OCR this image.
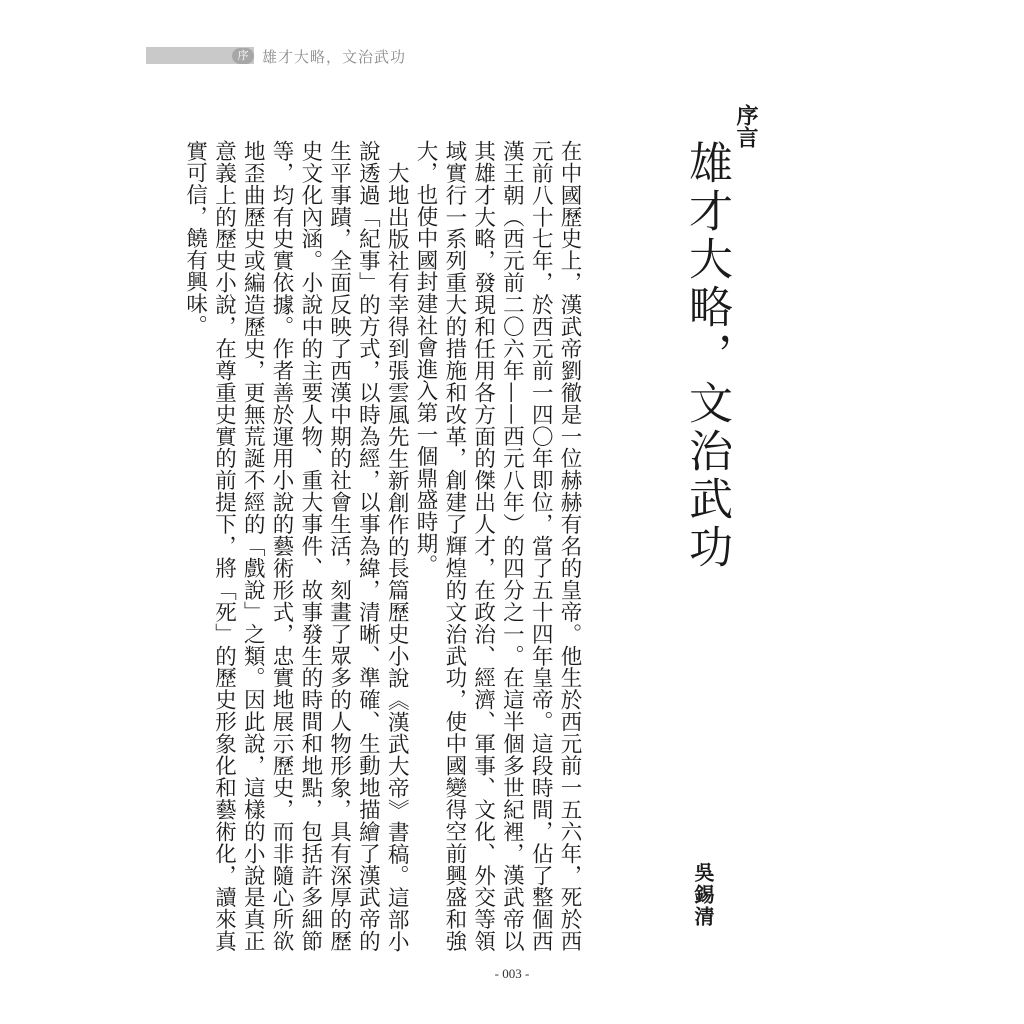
序 雄才大略，文治武功
序言
雄才大略，文治武功
吳錫清

在中國歷史上，漢武帝劉徹是一位赫赫有名的皇帝。他生於西元前一五六年，死於西元前八十七年，於西元前一四〇年即位，當了五十四年皇帝。這段時間，佔了整個西漢王朝（西元前二〇六年——西元八年）的四分之一。在這半個多世紀裡，漢武帝以其雄才大略，發現和任用各方面的傑出人才，在政治、經濟、軍事、文化、外交等領域實行一系列重大的措施和改革，創建了輝煌的文治武功，使中國變得空前興盛和強大，也使中國封建社會進入第一個鼎盛時期。

大地出版社有幸得到張雲風先生新創作的長篇歷史小說《漢武大帝》書稿。這部小說透過「紀事」的方式，以時為經，以事為緯，清晰、準確、生動地描繪了漢武帝的生平事蹟，全面反映了西漢中期的社會生活，刻畫了眾多的人物形象，具有深厚的歷史文化內涵。小說中的主要人物、重大事件、故事發生的時間和地點，包括許多細節等，均有史實依據。作者善於運用小說的藝術形式，忠實地展示歷史，而非隨心所欲地歪曲歷史或編造歷史，更無荒誕不經的「戲說」之類。因此說，這樣的小說是真正意義上的歷史小說，在尊重史實的前提下，將「死」的歷史形象化和藝術化，讀來真實可信，饒有興味。

- 003 -
